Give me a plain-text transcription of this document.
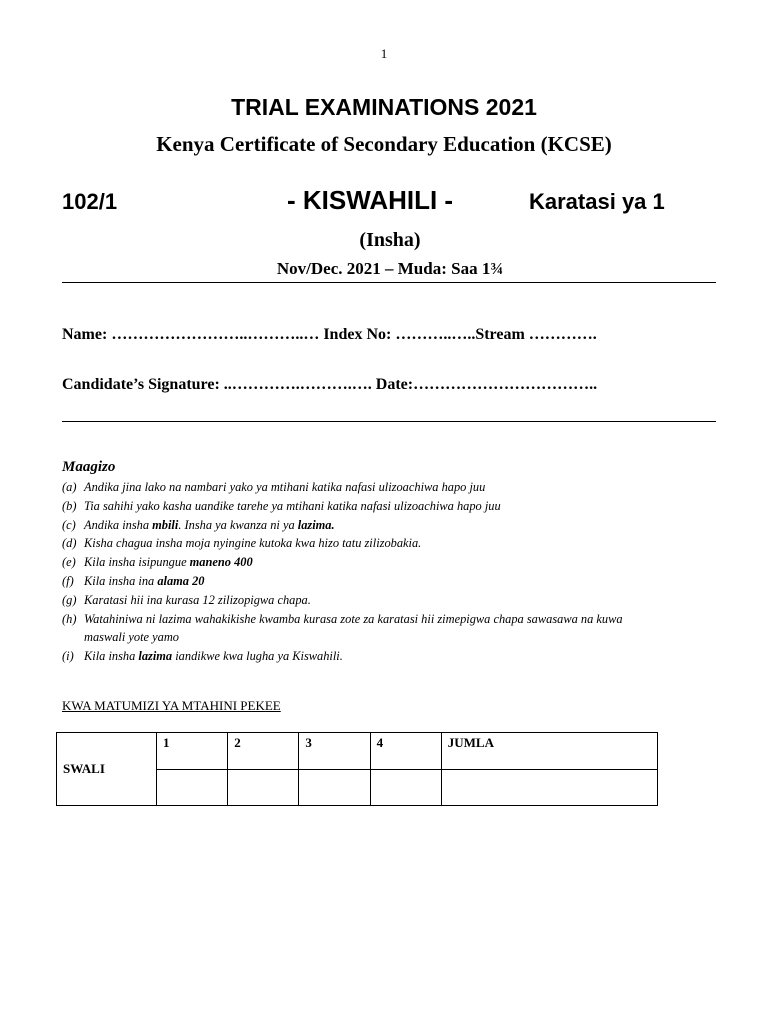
1
TRIAL EXAMINATIONS 2021
Kenya Certificate of Secondary Education (KCSE)
102/1	- KISWAHILI -	Karatasi ya 1
(Insha)
Nov/Dec. 2021 – Muda: Saa 1¾
Name: ……………………..………..… Index No: ………..…..Stream ………….
Candidate’s Signature: ..………….……….…. Date:……………………………..
Maagizo
(a) Andika jina lako na nambari yako ya mtihani katika nafasi ulizoachiwa hapo juu
(b) Tia sahihi yako kasha uandike tarehe ya mtihani katika nafasi ulizoachiwa hapo juu
(c) Andika insha mbili. Insha ya kwanza ni ya lazima.
(d) Kisha chagua insha moja nyingine kutoka kwa hizo tatu zilizobakia.
(e) Kila insha isipungue maneno 400
(f) Kila insha ina alama 20
(g) Karatasi hii ina kurasa 12 zilizopigwa chapa.
(h) Watahiniwa ni lazima wahakikishe kwamba kurasa zote za karatasi hii zimepigwa chapa sawasawa na kuwa
maswali yote yamo
(i) Kila insha lazima iandikwe kwa lugha ya Kiswahili.
KWA MATUMIZI YA MTAHINI PEKEE
SWALI	1	2	3	4	JUMLA
